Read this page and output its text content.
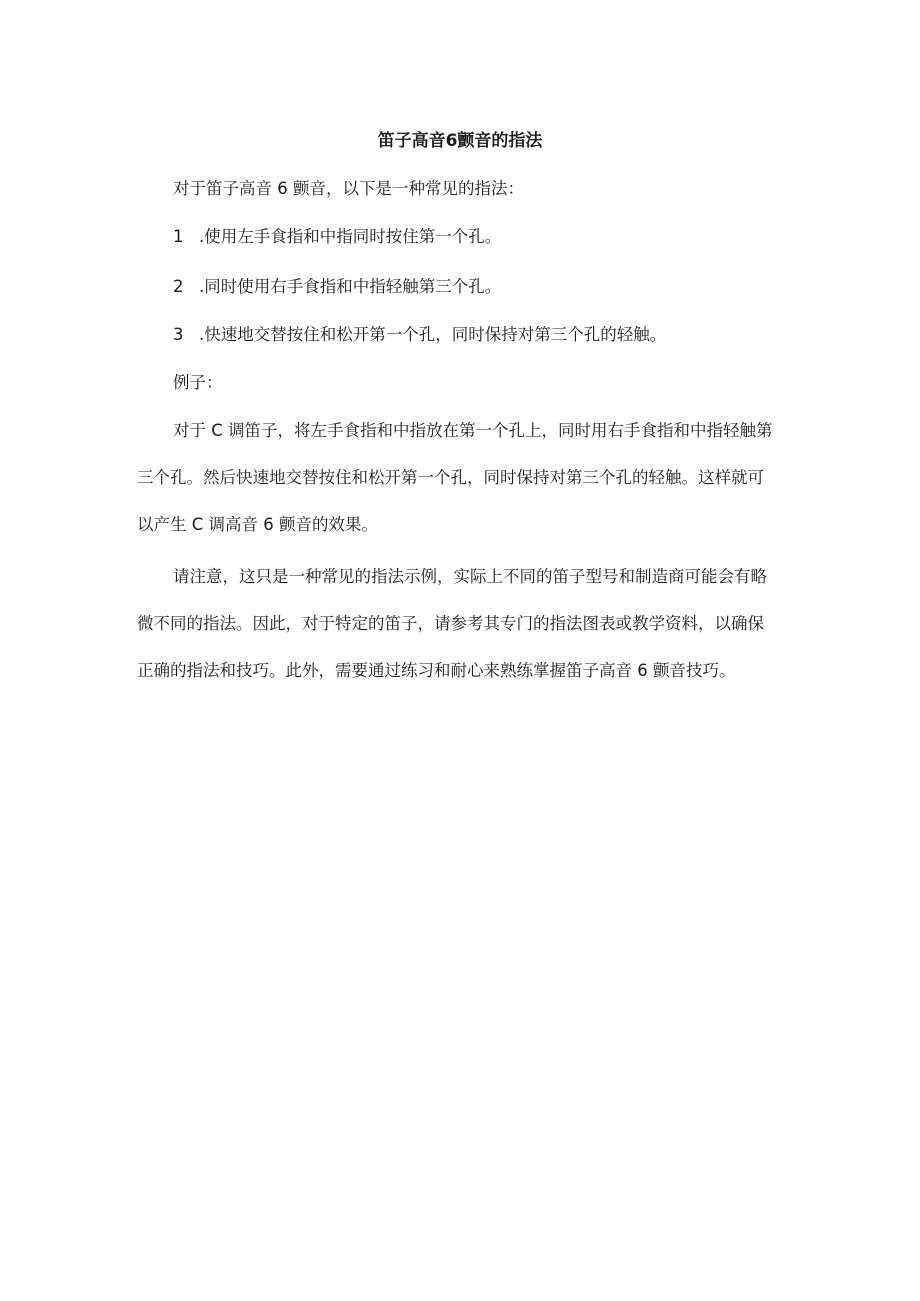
笛子高音6颤音的指法
对于笛子高音 6 颤音，以下是一种常见的指法：
1 .使用左手食指和中指同时按住第一个孔。
2 .同时使用右手食指和中指轻触第三个孔。
3 .快速地交替按住和松开第一个孔，同时保持对第三个孔的轻触。
例子：
对于 C 调笛子，将左手食指和中指放在第一个孔上，同时用右手食指和中指轻触第
三个孔。然后快速地交替按住和松开第一个孔，同时保持对第三个孔的轻触。这样就可
以产生 C 调高音 6 颤音的效果。
请注意，这只是一种常见的指法示例，实际上不同的笛子型号和制造商可能会有略
微不同的指法。因此，对于特定的笛子，请参考其专门的指法图表或教学资料，以确保
正确的指法和技巧。此外，需要通过练习和耐心来熟练掌握笛子高音 6 颤音技巧。
